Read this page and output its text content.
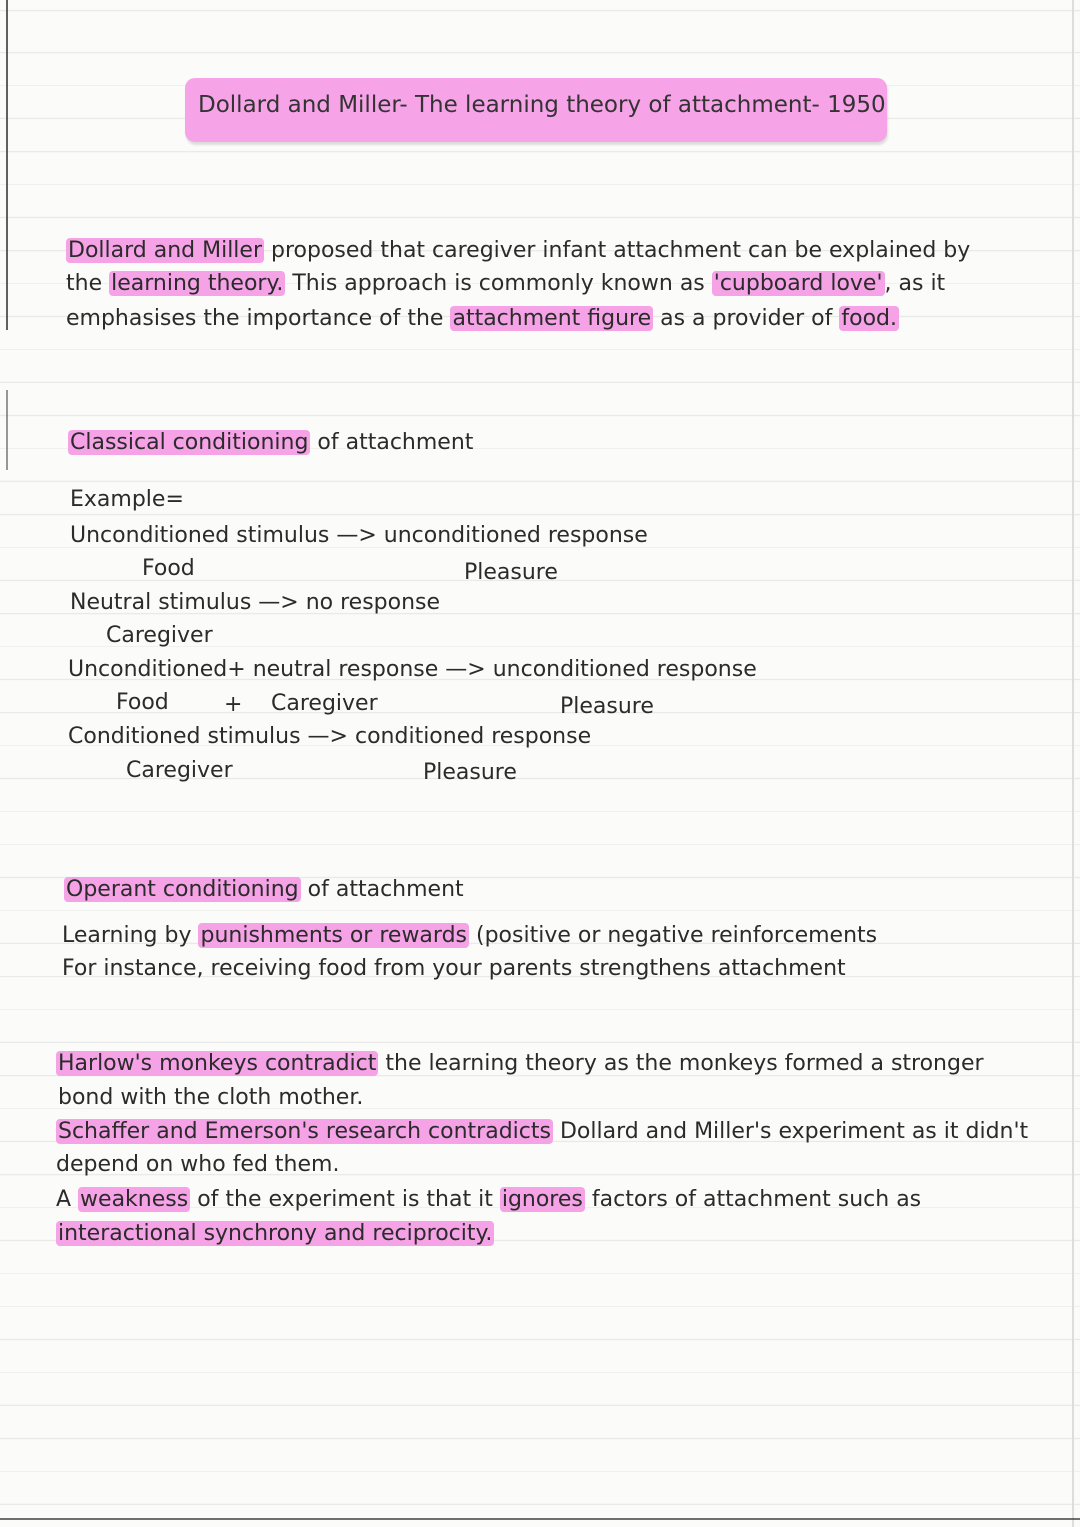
Dollard and Miller- The learning theory of attachment- 1950
Dollard and Miller proposed that caregiver infant attachment can be explained by
the learning theory. This approach is commonly known as 'cupboard love', as it
emphasises the importance of the attachment figure as a provider of food.
Classical conditioning of attachment
Example=
Unconditioned stimulus —> unconditioned response
Food	Pleasure
Neutral stimulus —> no response
Caregiver
Unconditioned+ neutral response —> unconditioned response
Food	+ Caregiver	Pleasure
Conditioned stimulus —> conditioned response
Caregiver	Pleasure
Operant conditioning of attachment
Learning by punishments or rewards (positive or negative reinforcements
For instance, receiving food from your parents strengthens attachment
Harlow's monkeys contradict the learning theory as the monkeys formed a stronger
bond with the cloth mother.
Schaffer and Emerson's research contradicts Dollard and Miller's experiment as it didn't
depend on who fed them.
A weakness of the experiment is that it ignores factors of attachment such as
interactional synchrony and reciprocity.
